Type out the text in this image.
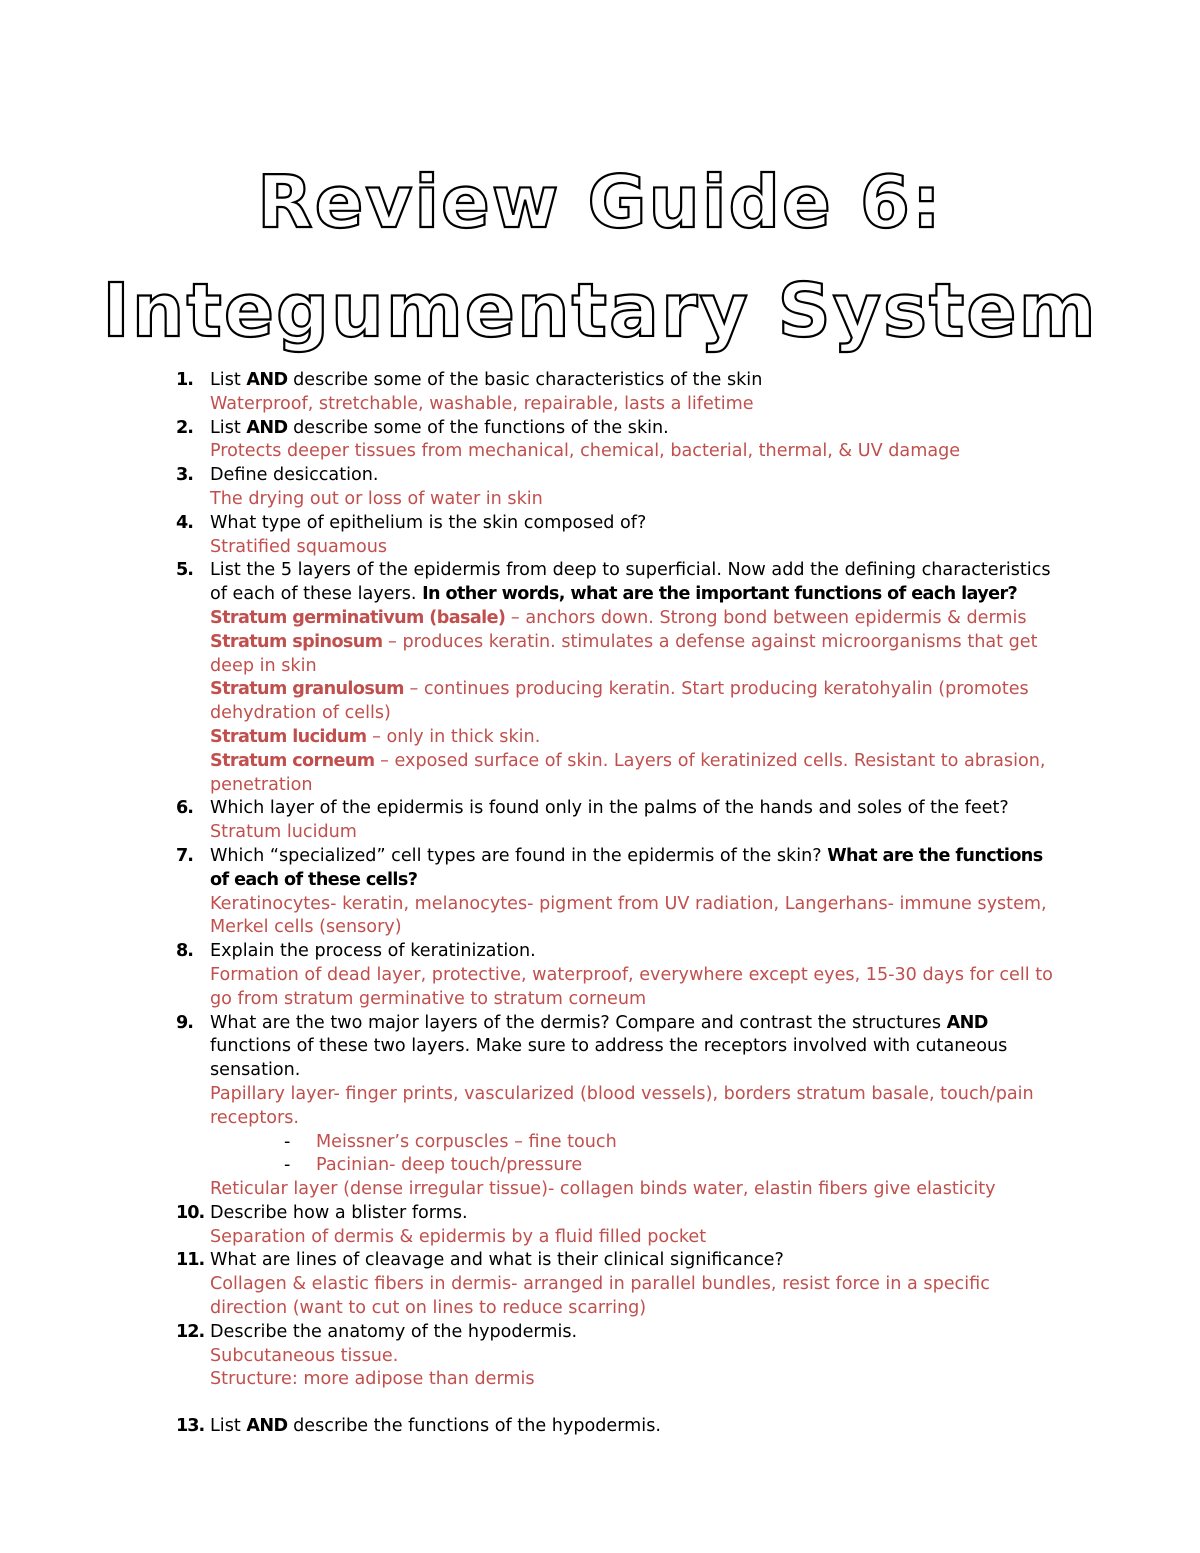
Review Guide 6:
Integumentary System
1. List AND describe some of the basic characteristics of the skin
Waterproof, stretchable, washable, repairable, lasts a lifetime
2. List AND describe some of the functions of the skin.
Protects deeper tissues from mechanical, chemical, bacterial, thermal, & UV damage
3. Define desiccation.
The drying out or loss of water in skin
4. What type of epithelium is the skin composed of?
Stratified squamous
5. List the 5 layers of the epidermis from deep to superficial. Now add the defining characteristics of each of these layers. In other words, what are the important functions of each layer?
Stratum germinativum (basale) – anchors down. Strong bond between epidermis & dermis
Stratum spinosum – produces keratin. stimulates a defense against microorganisms that get deep in skin
Stratum granulosum – continues producing keratin. Start producing keratohyalin (promotes dehydration of cells)
Stratum lucidum – only in thick skin.
Stratum corneum – exposed surface of skin. Layers of keratinized cells. Resistant to abrasion, penetration
6. Which layer of the epidermis is found only in the palms of the hands and soles of the feet?
Stratum lucidum
7. Which “specialized” cell types are found in the epidermis of the skin? What are the functions of each of these cells?
Keratinocytes- keratin, melanocytes- pigment from UV radiation, Langerhans- immune system, Merkel cells (sensory)
8. Explain the process of keratinization.
Formation of dead layer, protective, waterproof, everywhere except eyes, 15-30 days for cell to go from stratum germinative to stratum corneum
9. What are the two major layers of the dermis? Compare and contrast the structures AND functions of these two layers. Make sure to address the receptors involved with cutaneous sensation.
Papillary layer- finger prints, vascularized (blood vessels), borders stratum basale, touch/pain receptors.
- Meissner’s corpuscles – fine touch
- Pacinian- deep touch/pressure
Reticular layer (dense irregular tissue)- collagen binds water, elastin fibers give elasticity
10. Describe how a blister forms.
Separation of dermis & epidermis by a fluid filled pocket
11. What are lines of cleavage and what is their clinical significance?
Collagen & elastic fibers in dermis- arranged in parallel bundles, resist force in a specific direction (want to cut on lines to reduce scarring)
12. Describe the anatomy of the hypodermis.
Subcutaneous tissue.
Structure: more adipose than dermis
13. List AND describe the functions of the hypodermis.
